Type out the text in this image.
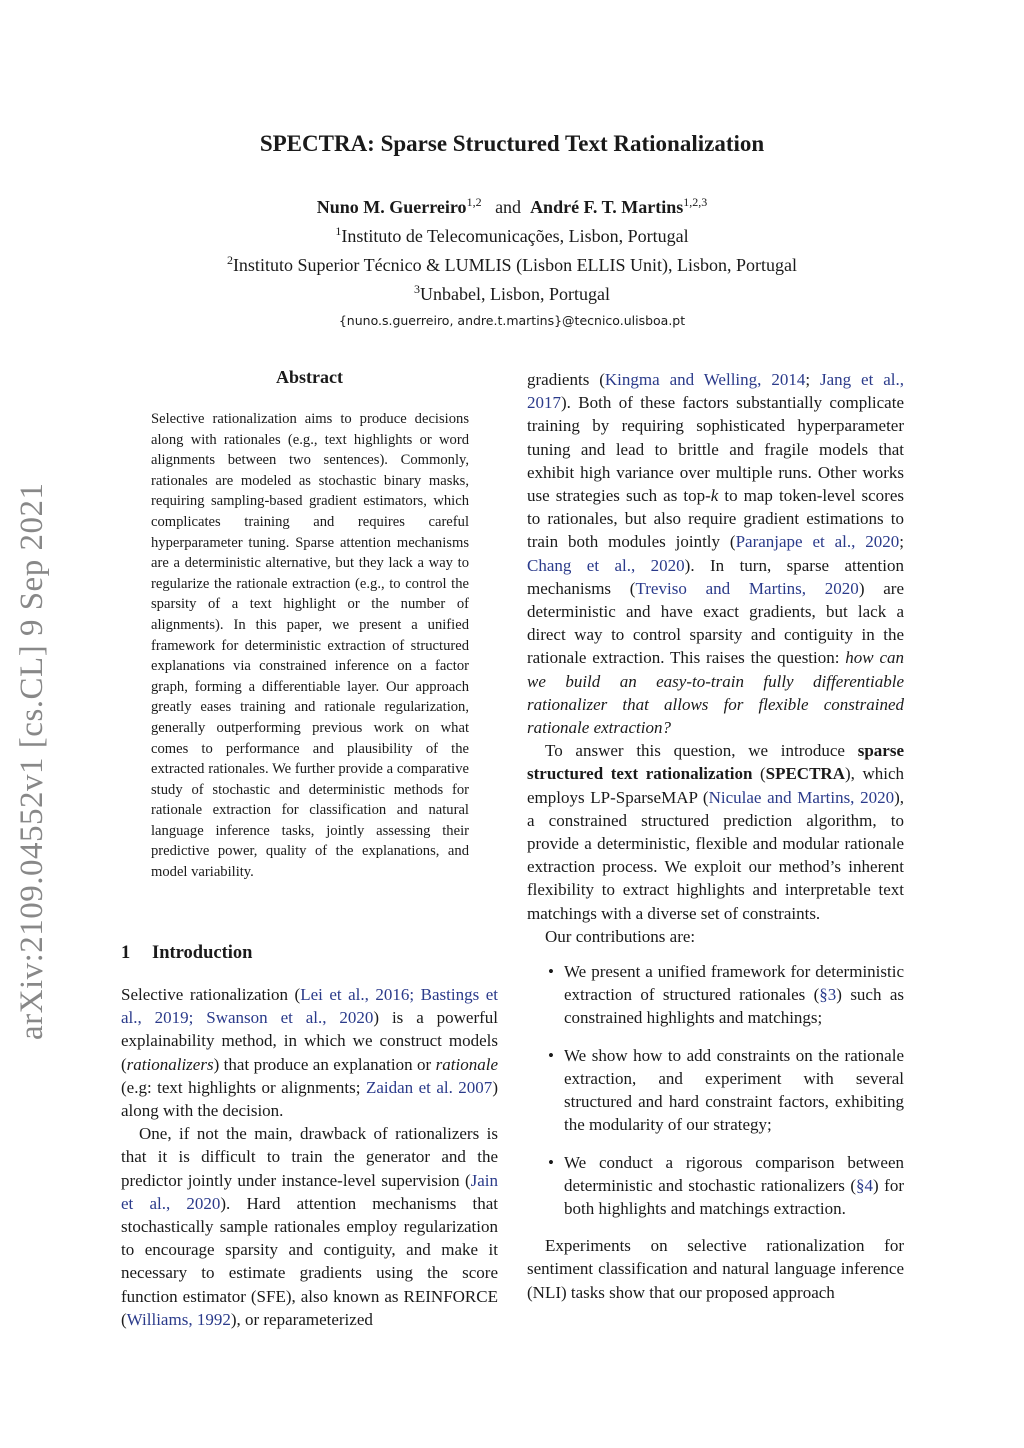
arXiv:2109.04552v1 [cs.CL] 9 Sep 2021
SPECTRA: Sparse Structured Text Rationalization
Nuno M. Guerreiro$^{1,2}$ and André F. T. Martins$^{1,2,3}$
$^1$Instituto de Telecomunicações, Lisbon, Portugal
$^2$Instituto Superior Técnico & LUMLIS (Lisbon ELLIS Unit), Lisbon, Portugal
$^3$Unbabel, Lisbon, Portugal
{nuno.s.guerreiro, andre.t.martins}@tecnico.ulisboa.pt
Abstract
Selective rationalization aims to produce decisions along with rationales (e.g., text highlights or word alignments between two sentences). Commonly, rationales are modeled as stochastic binary masks, requiring sampling-based gradient estimators, which complicates training and requires careful hyperparameter tuning. Sparse attention mechanisms are a deterministic alternative, but they lack a way to regularize the rationale extraction (e.g., to control the sparsity of a text highlight or the number of alignments). In this paper, we present a unified framework for deterministic extraction of structured explanations via constrained inference on a factor graph, forming a differentiable layer. Our approach greatly eases training and rationale regularization, generally outperforming previous work on what comes to performance and plausibility of the extracted rationales. We further provide a comparative study of stochastic and deterministic methods for rationale extraction for classification and natural language inference tasks, jointly assessing their predictive power, quality of the explanations, and model variability.
1 Introduction

Selective rationalization (Lei et al., 2016; Bastings et al., 2019; Swanson et al., 2020) is a powerful explainability method, in which we construct models (rationalizers) that produce an explanation or rationale (e.g: text highlights or alignments; Zaidan et al. 2007) along with the decision.

One, if not the main, drawback of rationalizers is that it is difficult to train the generator and the predictor jointly under instance-level supervision (Jain et al., 2020). Hard attention mechanisms that stochastically sample rationales employ regularization to encourage sparsity and contiguity, and make it necessary to estimate gradients using the score function estimator (SFE), also known as REINFORCE (Williams, 1992), or reparameterized

gradients (Kingma and Welling, 2014; Jang et al., 2017). Both of these factors substantially complicate training by requiring sophisticated hyperparameter tuning and lead to brittle and fragile models that exhibit high variance over multiple runs. Other works use strategies such as top-k to map token-level scores to rationales, but also require gradient estimations to train both modules jointly (Paranjape et al., 2020; Chang et al., 2020). In turn, sparse attention mechanisms (Treviso and Martins, 2020) are deterministic and have exact gradients, but lack a direct way to control sparsity and contiguity in the rationale extraction. This raises the question: how can we build an easy-to-train fully differentiable rationalizer that allows for flexible constrained rationale extraction?

To answer this question, we introduce sparse structured text rationalization (SPECTRA), which employs LP-SparseMAP (Niculae and Martins, 2020), a constrained structured prediction algorithm, to provide a deterministic, flexible and modular rationale extraction process. We exploit our method’s inherent flexibility to extract highlights and interpretable text matchings with a diverse set of constraints.

Our contributions are:

• We present a unified framework for deterministic extraction of structured rationales (§3) such as constrained highlights and matchings;
• We show how to add constraints on the rationale extraction, and experiment with several structured and hard constraint factors, exhibiting the modularity of our strategy;
• We conduct a rigorous comparison between deterministic and stochastic rationalizers (§4) for both highlights and matchings extraction.

Experiments on selective rationalization for sentiment classification and natural language inference (NLI) tasks show that our proposed approach
